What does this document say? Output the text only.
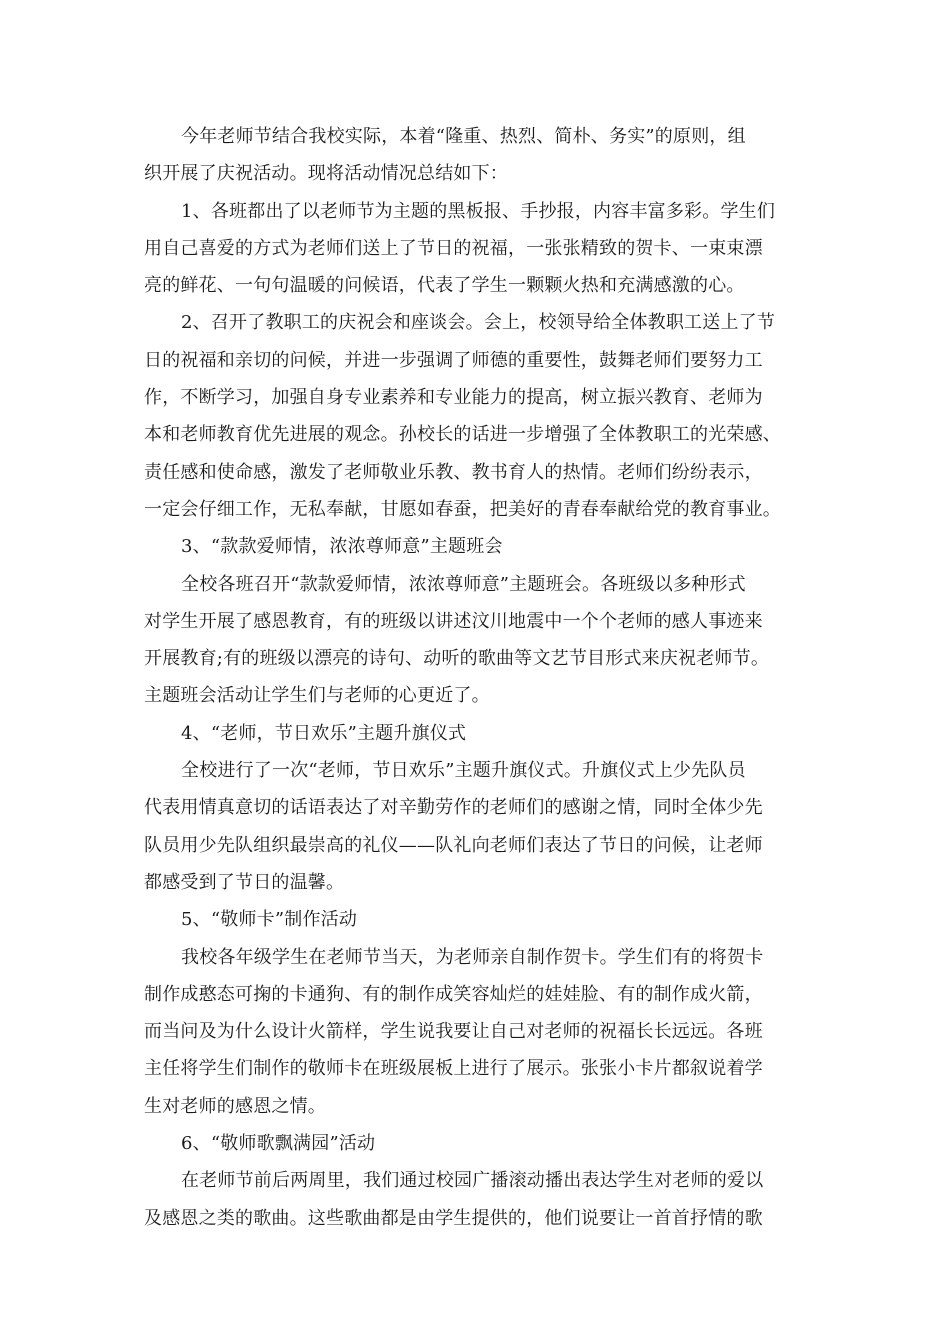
今年老师节结合我校实际，本着“隆重、热烈、简朴、务实”的原则，组
织开展了庆祝活动。现将活动情况总结如下：
1、各班都出了以老师节为主题的黑板报、手抄报，内容丰富多彩。学生们
用自己喜爱的方式为老师们送上了节日的祝福，一张张精致的贺卡、一束束漂
亮的鲜花、一句句温暖的问候语，代表了学生一颗颗火热和充满感激的心。
2、召开了教职工的庆祝会和座谈会。会上，校领导给全体教职工送上了节
日的祝福和亲切的问候，并进一步强调了师德的重要性，鼓舞老师们要努力工
作，不断学习，加强自身专业素养和专业能力的提高，树立振兴教育、老师为
本和老师教育优先进展的观念。孙校长的话进一步增强了全体教职工的光荣感、
责任感和使命感，激发了老师敬业乐教、教书育人的热情。老师们纷纷表示，
一定会仔细工作，无私奉献，甘愿如春蚕，把美好的青春奉献给党的教育事业。
3、“款款爱师情，浓浓尊师意”主题班会
全校各班召开“款款爱师情，浓浓尊师意”主题班会。各班级以多种形式
对学生开展了感恩教育，有的班级以讲述汶川地震中一个个老师的感人事迹来
开展教育;有的班级以漂亮的诗句、动听的歌曲等文艺节目形式来庆祝老师节。
主题班会活动让学生们与老师的心更近了。
4、“老师，节日欢乐”主题升旗仪式
全校进行了一次“老师，节日欢乐”主题升旗仪式。升旗仪式上少先队员
代表用情真意切的话语表达了对辛勤劳作的老师们的感谢之情，同时全体少先
队员用少先队组织最崇高的礼仪——队礼向老师们表达了节日的问候，让老师
都感受到了节日的温馨。
5、“敬师卡”制作活动
我校各年级学生在老师节当天，为老师亲自制作贺卡。学生们有的将贺卡
制作成憨态可掬的卡通狗、有的制作成笑容灿烂的娃娃脸、有的制作成火箭，
而当问及为什么设计火箭样，学生说我要让自己对老师的祝福长长远远。各班
主任将学生们制作的敬师卡在班级展板上进行了展示。张张小卡片都叙说着学
生对老师的感恩之情。
6、“敬师歌飘满园”活动
在老师节前后两周里，我们通过校园广播滚动播出表达学生对老师的爱以
及感恩之类的歌曲。这些歌曲都是由学生提供的，他们说要让一首首抒情的歌
